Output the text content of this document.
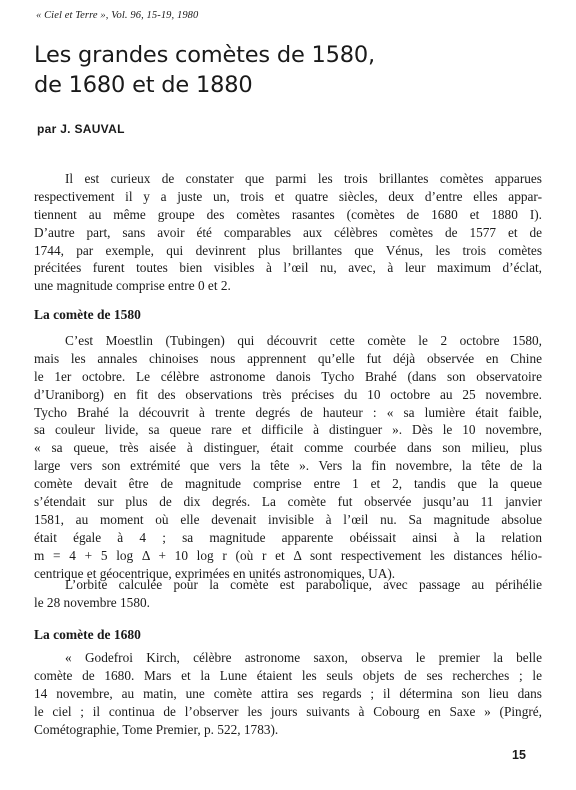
« Ciel et Terre », Vol. 96, 15-19, 1980
Les grandes comètes de 1580,
de 1680 et de 1880
par J. SAUVAL
Il est curieux de constater que parmi les trois brillantes comètes apparues
respectivement il y a juste un, trois et quatre siècles, deux d’entre elles appar-
tiennent au même groupe des comètes rasantes (comètes de 1680 et 1880 I).
D’autre part, sans avoir été comparables aux célèbres comètes de 1577 et de
1744, par exemple, qui devinrent plus brillantes que Vénus, les trois comètes
précitées furent toutes bien visibles à l’œil nu, avec, à leur maximum d’éclat,
une magnitude comprise entre 0 et 2.
La comète de 1580
C’est Moestlin (Tubingen) qui découvrit cette comète le 2 octobre 1580,
mais les annales chinoises nous apprennent qu’elle fut déjà observée en Chine
le 1er octobre. Le célèbre astronome danois Tycho Brahé (dans son observatoire
d’Uraniborg) en fit des observations très précises du 10 octobre au 25 novembre.
Tycho Brahé la découvrit à trente degrés de hauteur : « sa lumière était faible,
sa couleur livide, sa queue rare et difficile à distinguer ». Dès le 10 novembre,
« sa queue, très aisée à distinguer, était comme courbée dans son milieu, plus
large vers son extrémité que vers la tête ». Vers la fin novembre, la tête de la
comète devait être de magnitude comprise entre 1 et 2, tandis que la queue
s’étendait sur plus de dix degrés. La comète fut observée jusqu’au 11 janvier
1581, au moment où elle devenait invisible à l’œil nu. Sa magnitude absolue
était égale à 4 ; sa magnitude apparente obéissait ainsi à la relation
m = 4 + 5 log Δ + 10 log r (où r et Δ sont respectivement les distances hélio-
centrique et géocentrique, exprimées en unités astronomiques, UA).
L’orbite calculée pour la comète est parabolique, avec passage au périhélie
le 28 novembre 1580.
La comète de 1680
« Godefroi Kirch, célèbre astronome saxon, observa le premier la belle
comète de 1680. Mars et la Lune étaient les seuls objets de ses recherches ; le
14 novembre, au matin, une comète attira ses regards ; il détermina son lieu dans
le ciel ; il continua de l’observer les jours suivants à Cobourg en Saxe » (Pingré,
Cométographie, Tome Premier, p. 522, 1783).
15
